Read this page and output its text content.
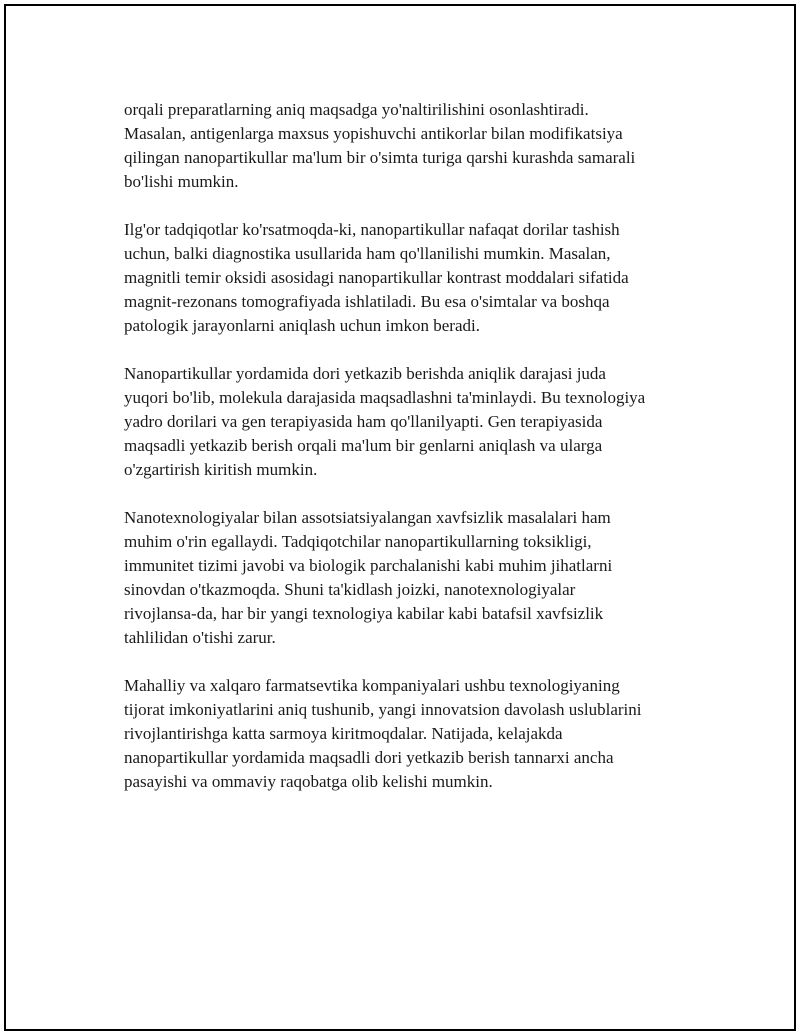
orqali preparatlarning aniq maqsadga yo'naltirilishini osonlashtiradi.
Masalan, antigenlarga maxsus yopishuvchi antikorlar bilan modifikatsiya
qilingan nanopartikullar ma'lum bir o'simta turiga qarshi kurashda samarali
bo'lishi mumkin.

Ilg'or tadqiqotlar ko'rsatmoqda-ki, nanopartikullar nafaqat dorilar tashish
uchun, balki diagnostika usullarida ham qo'llanilishi mumkin. Masalan,
magnitli temir oksidi asosidagi nanopartikullar kontrast moddalari sifatida
magnit-rezonans tomografiyada ishlatiladi. Bu esa o'simtalar va boshqa
patologik jarayonlarni aniqlash uchun imkon beradi.

Nanopartikullar yordamida dori yetkazib berishda aniqlik darajasi juda
yuqori bo'lib, molekula darajasida maqsadlashni ta'minlaydi. Bu texnologiya
yadro dorilari va gen terapiyasida ham qo'llanilyapti. Gen terapiyasida
maqsadli yetkazib berish orqali ma'lum bir genlarni aniqlash va ularga
o'zgartirish kiritish mumkin.

Nanotexnologiyalar bilan assotsiatsiyalangan xavfsizlik masalalari ham
muhim o'rin egallaydi. Tadqiqotchilar nanopartikullarning toksikligi,
immunitet tizimi javobi va biologik parchalanishi kabi muhim jihatlarni
sinovdan o'tkazmoqda. Shuni ta'kidlash joizki, nanotexnologiyalar
rivojlansa-da, har bir yangi texnologiya kabilar kabi batafsil xavfsizlik
tahlilidan o'tishi zarur.

Mahalliy va xalqaro farmatsevtika kompaniyalari ushbu texnologiyaning
tijorat imkoniyatlarini aniq tushunib, yangi innovatsion davolash uslublarini
rivojlantirishga katta sarmoya kiritmoqdalar. Natijada, kelajakda
nanopartikullar yordamida maqsadli dori yetkazib berish tannarxi ancha
pasayishi va ommaviy raqobatga olib kelishi mumkin.
